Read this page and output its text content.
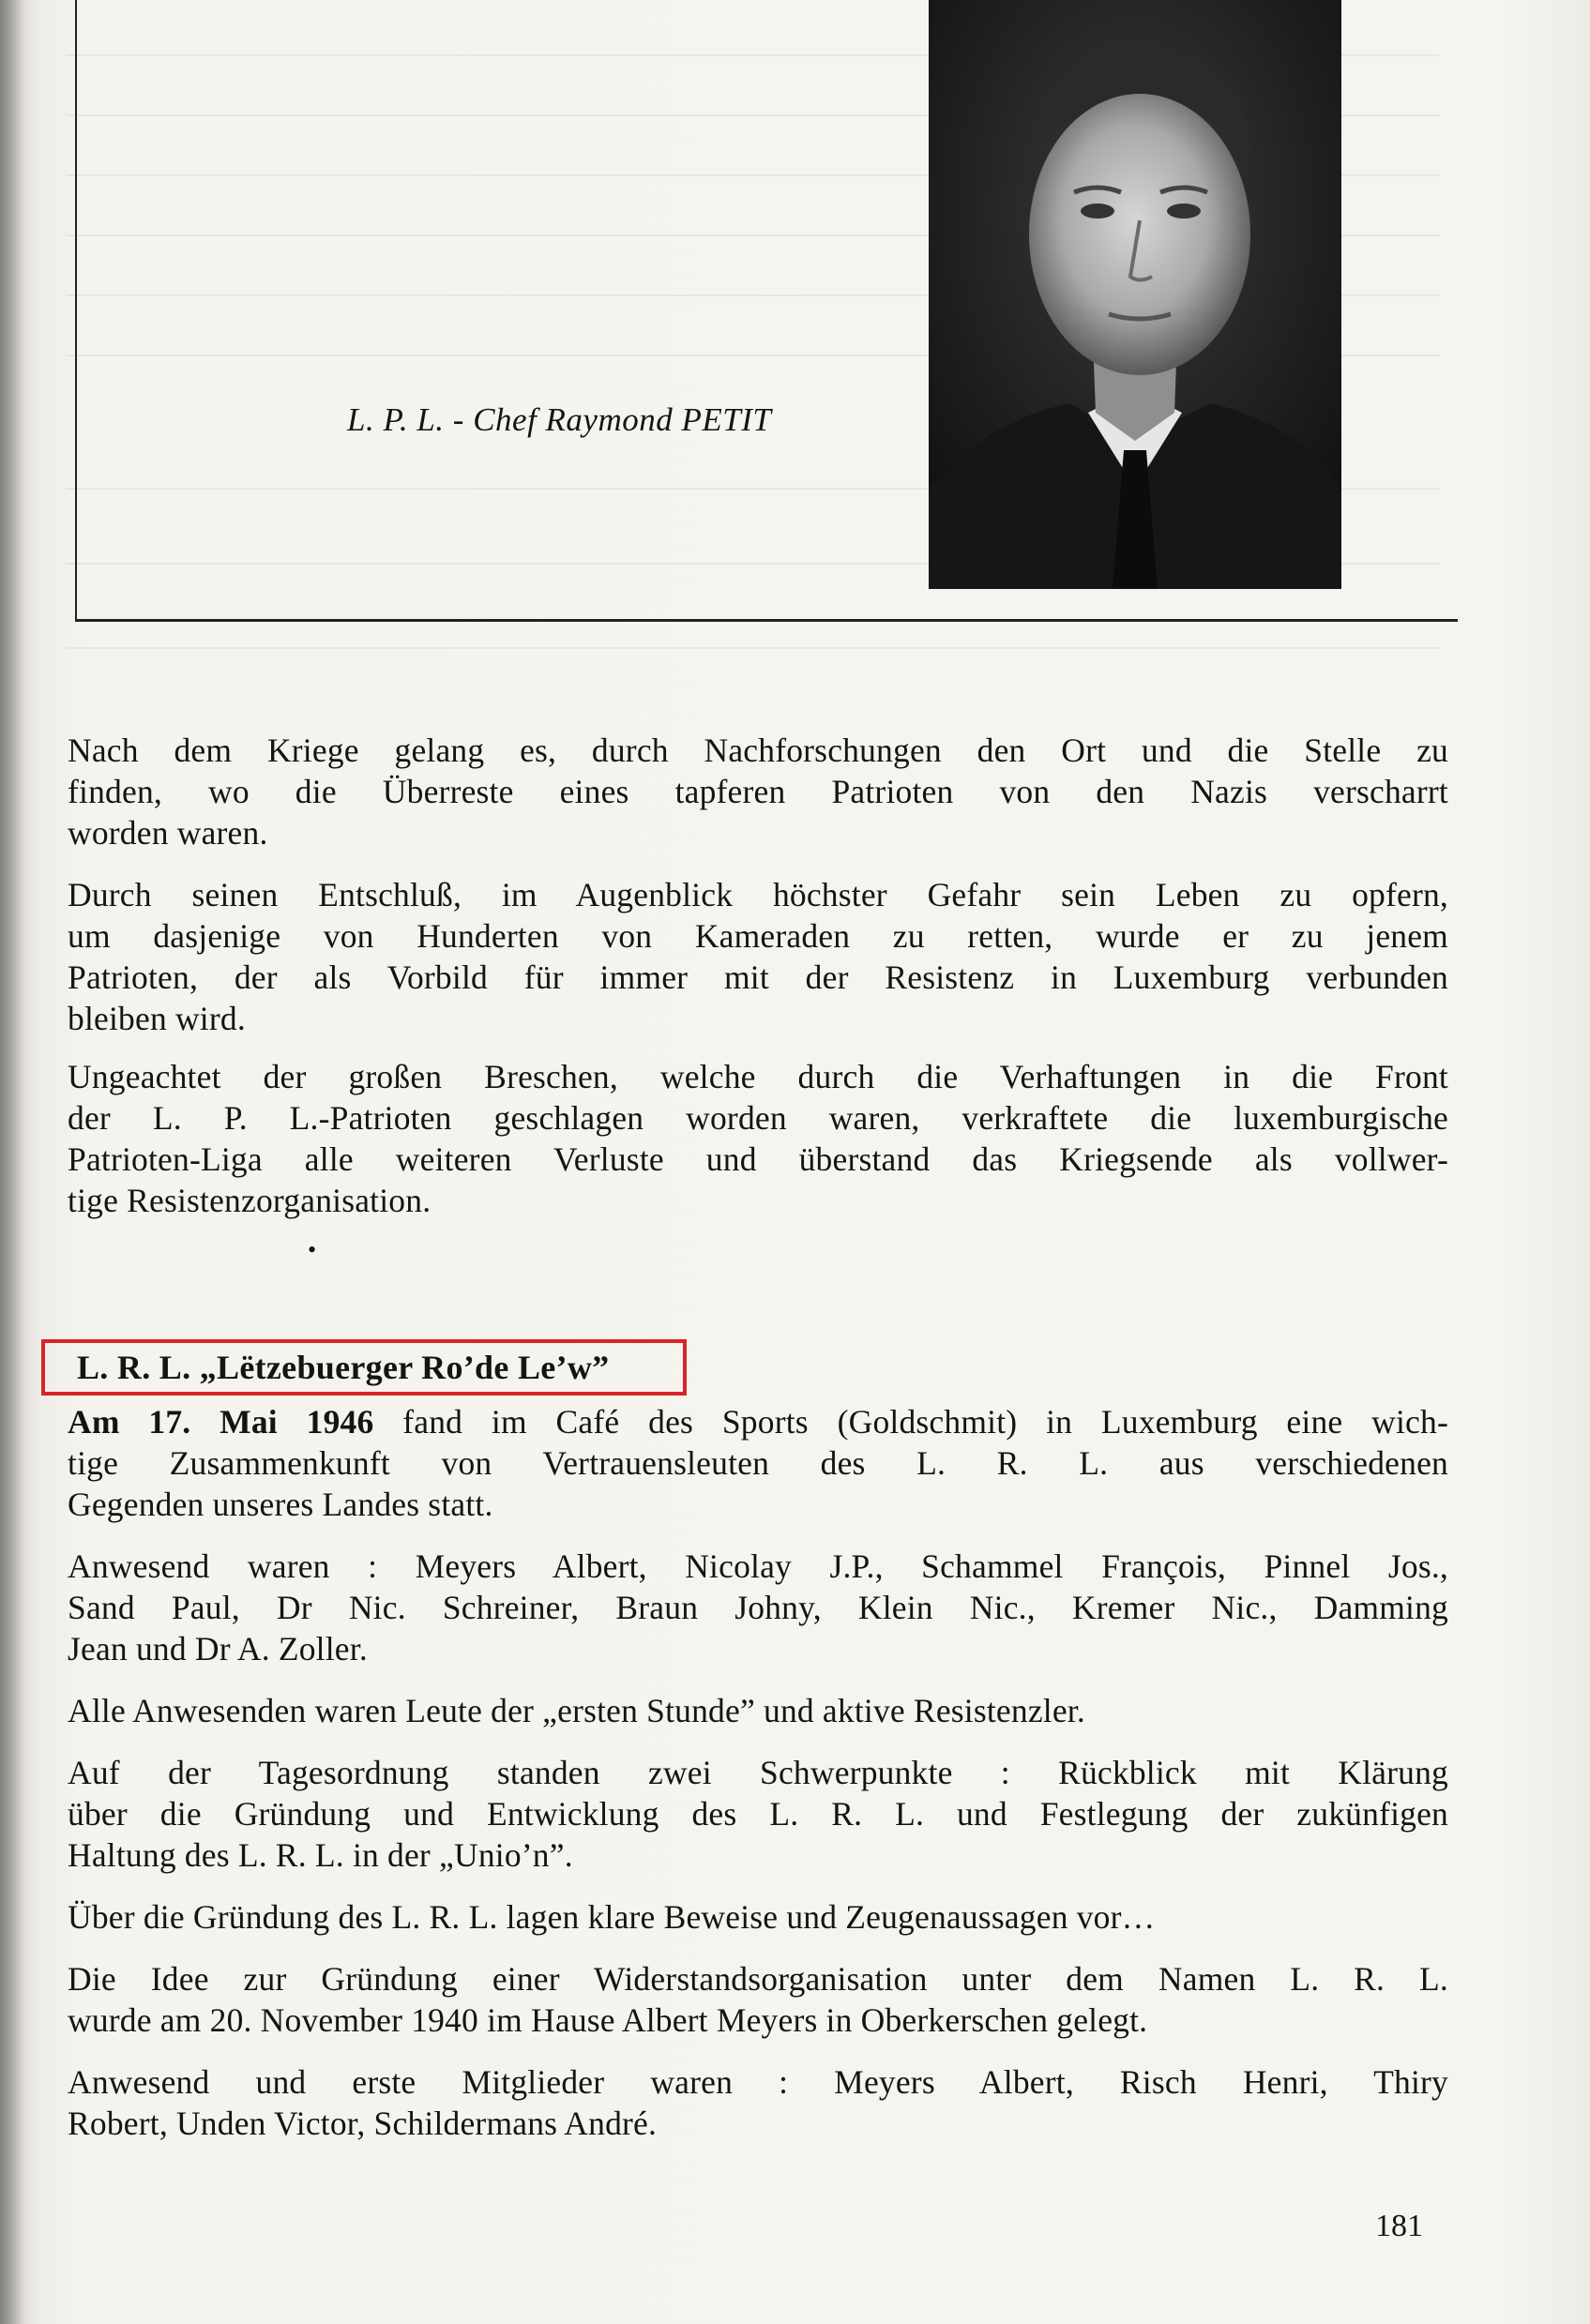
L. P. L. - Chef Raymond PETIT
Nach dem Kriege gelang es, durch Nachforschungen den Ort und die Stelle zu
finden, wo die Überreste eines tapferen Patrioten von den Nazis verscharrt
worden waren.
Durch seinen Entschluß, im Augenblick höchster Gefahr sein Leben zu opfern,
um dasjenige von Hunderten von Kameraden zu retten, wurde er zu jenem
Patrioten, der als Vorbild für immer mit der Resistenz in Luxemburg verbunden
bleiben wird.
Ungeachtet der großen Breschen, welche durch die Verhaftungen in die Front
der L. P. L.-Patrioten geschlagen worden waren, verkraftete die luxemburgische
Patrioten-Liga alle weiteren Verluste und überstand das Kriegsende als vollwer-
tige Resistenzorganisation.
•
L. R. L. „Lëtzebuerger Ro’de Le’w”
Am 17. Mai 1946 fand im Café des Sports (Goldschmit) in Luxemburg eine wich-
tige Zusammenkunft von Vertrauensleuten des L. R. L. aus verschiedenen
Gegenden unseres Landes statt.
Anwesend waren : Meyers Albert, Nicolay J.P., Schammel François, Pinnel Jos.,
Sand Paul, Dr Nic. Schreiner, Braun Johny, Klein Nic., Kremer Nic., Damming
Jean und Dr A. Zoller.
Alle Anwesenden waren Leute der „ersten Stunde” und aktive Resistenzler.
Auf der Tagesordnung standen zwei Schwerpunkte : Rückblick mit Klärung
über die Gründung und Entwicklung des L. R. L. und Festlegung der zukünfigen
Haltung des L. R. L. in der „Unio’n”.
Über die Gründung des L. R. L. lagen klare Beweise und Zeugenaussagen vor…
Die Idee zur Gründung einer Widerstandsorganisation unter dem Namen L. R. L.
wurde am 20. November 1940 im Hause Albert Meyers in Oberkerschen gelegt.
Anwesend und erste Mitglieder waren : Meyers Albert, Risch Henri, Thiry
Robert, Unden Victor, Schildermans André.
181
